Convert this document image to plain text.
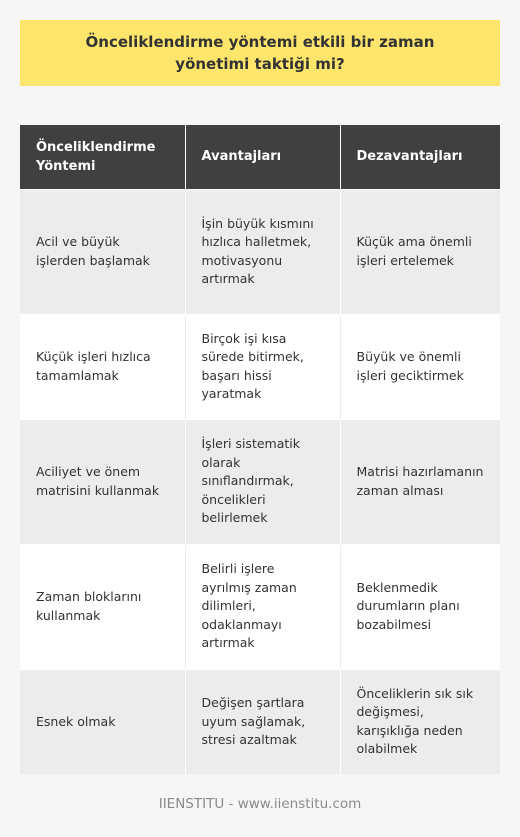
Önceliklendirme yöntemi etkili bir zaman yönetimi taktiği mi?
Önceliklendirme Yöntemi	Avantajları	Dezavantajları
Acil ve büyük işlerden başlamak	İşin büyük kısmını hızlıca halletmek, motivasyonu artırmak	Küçük ama önemli işleri ertelemek
Küçük işleri hızlıca tamamlamak	Birçok işi kısa sürede bitirmek, başarı hissi yaratmak	Büyük ve önemli işleri geciktirmek
Aciliyet ve önem matrisini kullanmak	İşleri sistematik olarak sınıflandırmak, öncelikleri belirlemek	Matrisi hazırlamanın zaman alması
Zaman bloklarını kullanmak	Belirli işlere ayrılmış zaman dilimleri, odaklanmayı artırmak	Beklenmedik durumların planı bozabilmesi
Esnek olmak	Değişen şartlara uyum sağlamak, stresi azaltmak	Önceliklerin sık sık değişmesi, karışıklığa neden olabilmek
IIENSTITU - www.iienstitu.com
